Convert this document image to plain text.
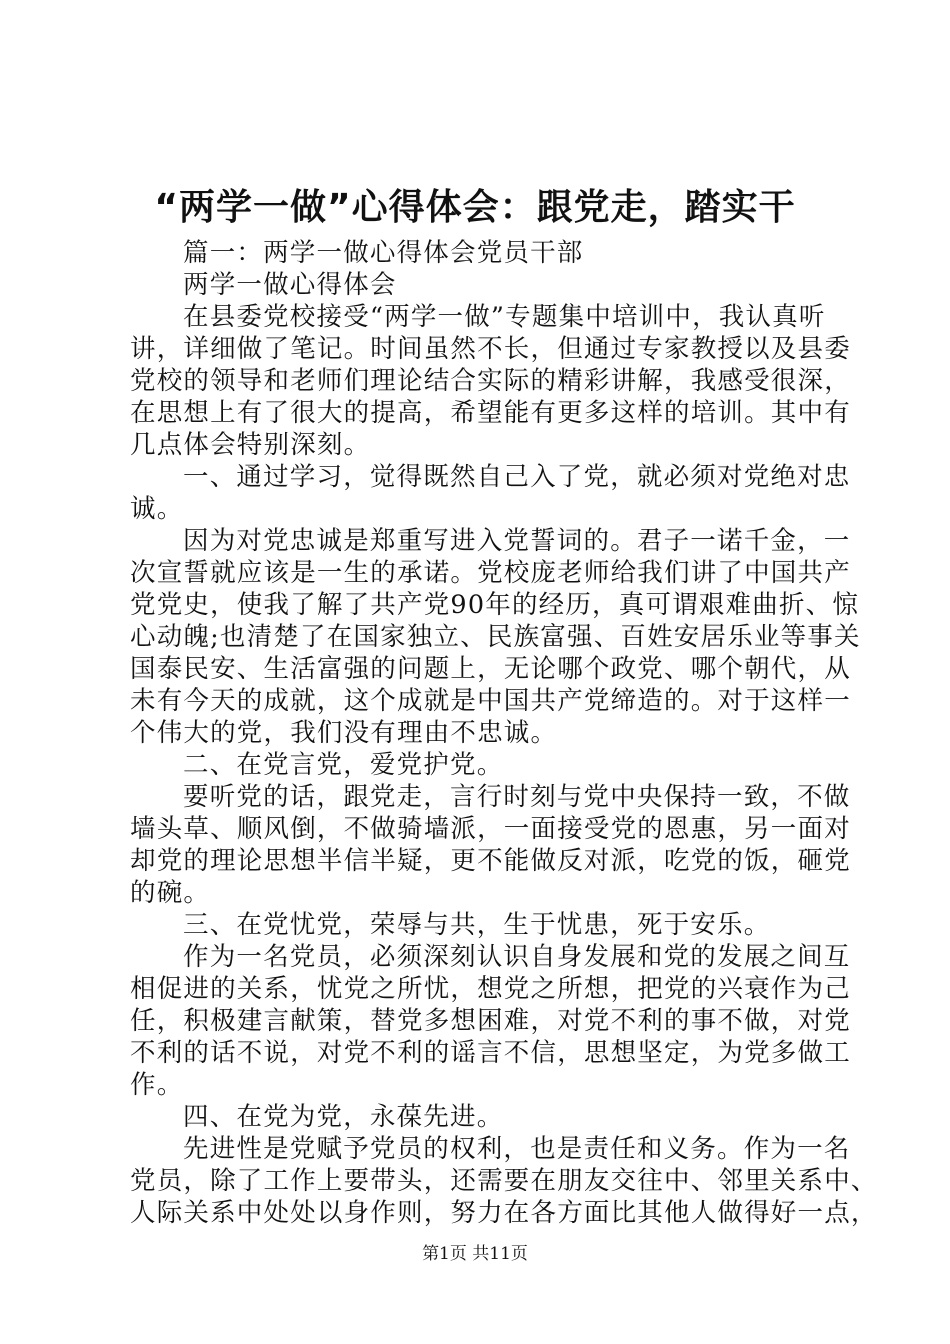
“两学一做”心得体会：跟党走，踏实干
篇一：两学一做心得体会党员干部
两学一做心得体会
在县委党校接受“两学一做”专题集中培训中，我认真听
讲，详细做了笔记。时间虽然不长，但通过专家教授以及县委
党校的领导和老师们理论结合实际的精彩讲解，我感受很深，
在思想上有了很大的提高，希望能有更多这样的培训。其中有
几点体会特别深刻。
一、通过学习，觉得既然自己入了党，就必须对党绝对忠
诚。
因为对党忠诚是郑重写进入党誓词的。君子一诺千金，一
次宣誓就应该是一生的承诺。党校庞老师给我们讲了中国共产
党党史，使我了解了共产党90年的经历，真可谓艰难曲折、惊
心动魄;也清楚了在国家独立、民族富强、百姓安居乐业等事关
国泰民安、生活富强的问题上，无论哪个政党、哪个朝代，从
未有今天的成就，这个成就是中国共产党缔造的。对于这样一
个伟大的党，我们没有理由不忠诚。
二、在党言党，爱党护党。
要听党的话，跟党走，言行时刻与党中央保持一致，不做
墙头草、顺风倒，不做骑墙派，一面接受党的恩惠，另一面对
却党的理论思想半信半疑，更不能做反对派，吃党的饭，砸党
的碗。
三、在党忧党，荣辱与共，生于忧患，死于安乐。
作为一名党员，必须深刻认识自身发展和党的发展之间互
相促进的关系，忧党之所忧，想党之所想，把党的兴衰作为己
任，积极建言献策，替党多想困难，对党不利的事不做，对党
不利的话不说，对党不利的谣言不信，思想坚定，为党多做工
作。
四、在党为党，永葆先进。
先进性是党赋予党员的权利，也是责任和义务。作为一名
党员，除了工作上要带头，还需要在朋友交往中、邻里关系中、
人际关系中处处以身作则，努力在各方面比其他人做得好一点，
第1页 共11页
